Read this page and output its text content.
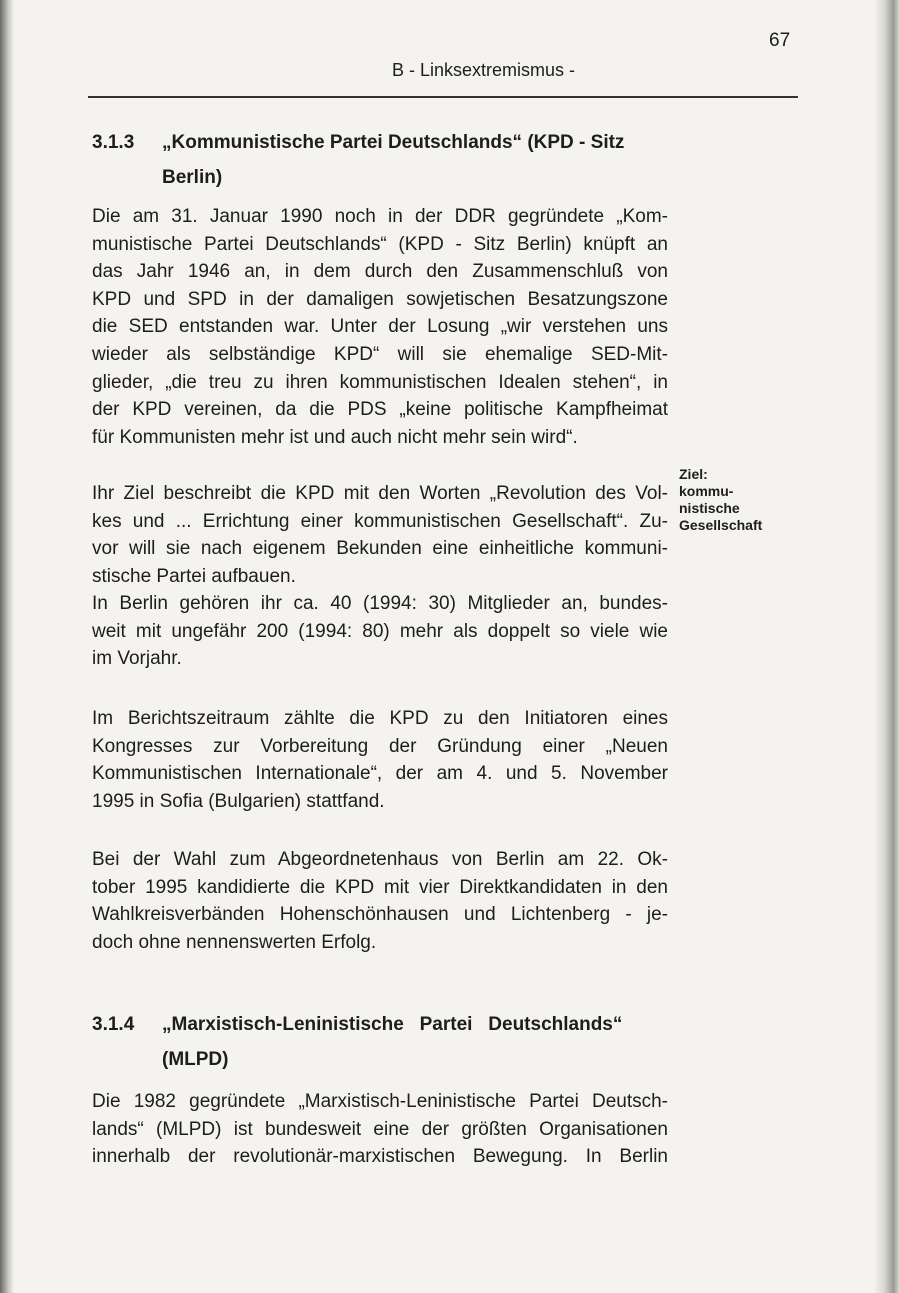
67
B - Linksextremismus -
3.1.3 „Kommunistische Partei Deutschlands“ (KPD - Sitz
Berlin)
Ziel:
kommu-
nistische
Gesellschaft
3.1.4 „Marxistisch-Leninistische   Partei   Deutschlands“
(MLPD)
Die am 31. Januar 1990 noch in der DDR gegründete „Kom-
munistische Partei Deutschlands“ (KPD - Sitz Berlin) knüpft an
das Jahr 1946 an, in dem durch den Zusammenschluß von
KPD und SPD in der damaligen sowjetischen Besatzungszone
die SED entstanden war. Unter der Losung „wir verstehen uns
wieder als selbständige KPD“ will sie ehemalige SED-Mit-
glieder, „die treu zu ihren kommunistischen Idealen stehen“, in
der KPD vereinen, da die PDS „keine politische Kampfheimat
für Kommunisten mehr ist und auch nicht mehr sein wird“.
Ihr Ziel beschreibt die KPD mit den Worten „Revolution des Vol-
kes und ... Errichtung einer kommunistischen Gesellschaft“. Zu-
vor will sie nach eigenem Bekunden eine einheitliche kommuni-
stische Partei aufbauen.
In Berlin gehören ihr ca. 40 (1994: 30) Mitglieder an, bundes-
weit mit ungefähr 200 (1994: 80) mehr als doppelt so viele wie
im Vorjahr.
Im Berichtszeitraum zählte die KPD zu den Initiatoren eines
Kongresses zur Vorbereitung der Gründung einer „Neuen
Kommunistischen Internationale“, der am 4. und 5. November
1995 in Sofia (Bulgarien) stattfand.
Bei der Wahl zum Abgeordnetenhaus von Berlin am 22. Ok-
tober 1995 kandidierte die KPD mit vier Direktkandidaten in den
Wahlkreisverbänden Hohenschönhausen und Lichtenberg - je-
doch ohne nennenswerten Erfolg.
Die 1982 gegründete „Marxistisch-Leninistische Partei Deutsch-
lands“ (MLPD) ist bundesweit eine der größten Organisationen
innerhalb der revolutionär-marxistischen Bewegung. In Berlin
